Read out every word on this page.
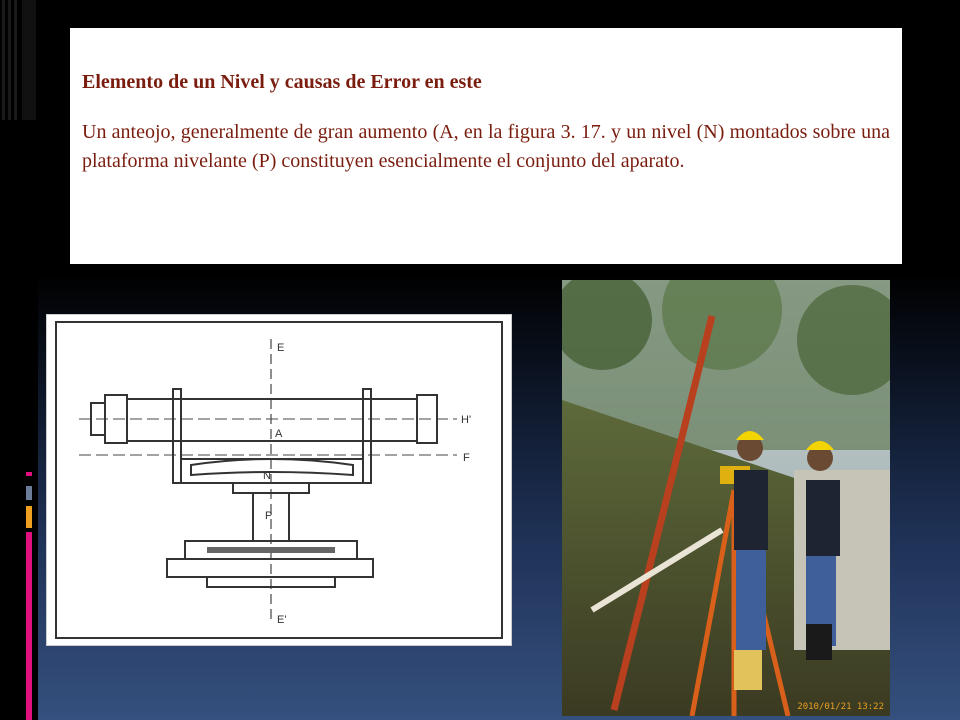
Elemento de un Nivel y causas de Error en este

Un anteojo, generalmente de gran aumento (A, en la figura 3. 17. y un nivel (N) montados sobre una plataforma nivelante (P) constituyen esencialmente el conjunto del aparato.

E
H'
A
F
N
P
E'
2010/01/21 13:22
